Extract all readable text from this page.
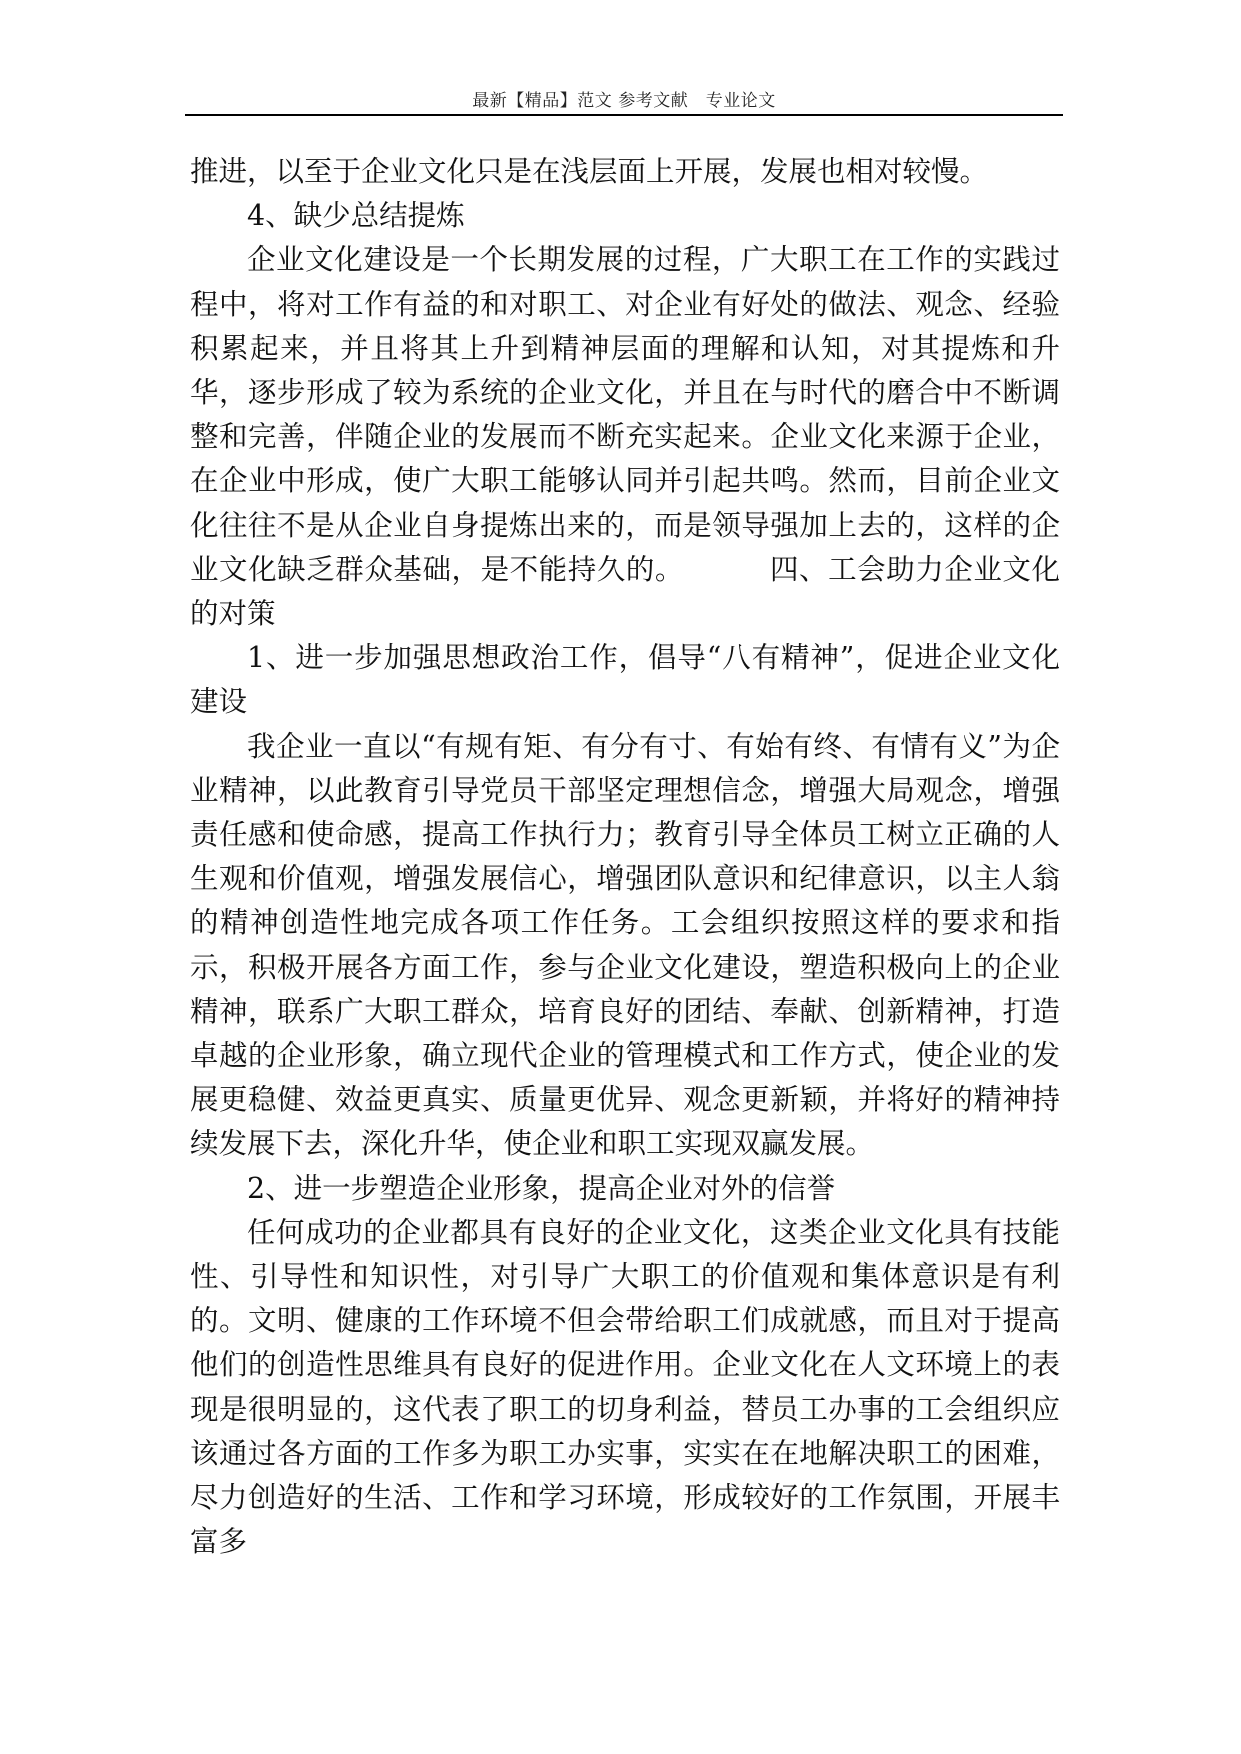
最新【精品】范文 参考文献　专业论文

推进，以至于企业文化只是在浅层面上开展，发展也相对较慢。

4、缺少总结提炼

企业文化建设是一个长期发展的过程，广大职工在工作的实践过程中，将对工作有益的和对职工、对企业有好处的做法、观念、经验积累起来，并且将其上升到精神层面的理解和认知，对其提炼和升华，逐步形成了较为系统的企业文化，并且在与时代的磨合中不断调整和完善，伴随企业的发展而不断充实起来。企业文化来源于企业，在企业中形成，使广大职工能够认同并引起共鸣。然而，目前企业文化往往不是从企业自身提炼出来的，而是领导强加上去的，这样的企业文化缺乏群众基础，是不能持久的。	四、工会助力企业文化的对策

1、进一步加强思想政治工作，倡导“八有精神”，促进企业文化建设

我企业一直以“有规有矩、有分有寸、有始有终、有情有义”为企业精神，以此教育引导党员干部坚定理想信念，增强大局观念，增强责任感和使命感，提高工作执行力；教育引导全体员工树立正确的人生观和价值观，增强发展信心，增强团队意识和纪律意识，以主人翁的精神创造性地完成各项工作任务。工会组织按照这样的要求和指示，积极开展各方面工作，参与企业文化建设，塑造积极向上的企业精神，联系广大职工群众，培育良好的团结、奉献、创新精神，打造卓越的企业形象，确立现代企业的管理模式和工作方式，使企业的发展更稳健、效益更真实、质量更优异、观念更新颖，并将好的精神持续发展下去，深化升华，使企业和职工实现双赢发展。

2、进一步塑造企业形象，提高企业对外的信誉

任何成功的企业都具有良好的企业文化，这类企业文化具有技能性、引导性和知识性，对引导广大职工的价值观和集体意识是有利的。文明、健康的工作环境不但会带给职工们成就感，而且对于提高他们的创造性思维具有良好的促进作用。企业文化在人文环境上的表现是很明显的，这代表了职工的切身利益，替员工办事的工会组织应该通过各方面的工作多为职工办实事，实实在在地解决职工的困难，尽力创造好的生活、工作和学习环境，形成较好的工作氛围，开展丰富多
